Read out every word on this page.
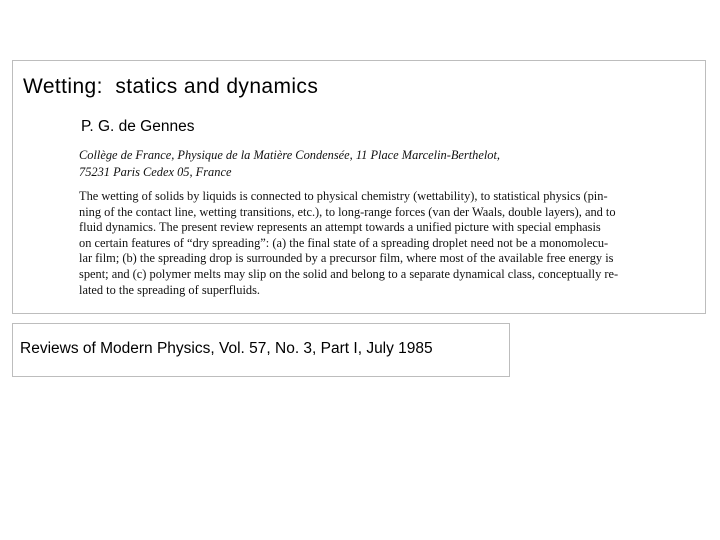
Wetting:  statics and dynamics
P. G. de Gennes
Collège de France, Physique de la Matière Condensée, 11 Place Marcelin-Berthelot,
75231 Paris Cedex 05, France
The wetting of solids by liquids is connected to physical chemistry (wettability), to statistical physics (pin-
ning of the contact line, wetting transitions, etc.), to long-range forces (van der Waals, double layers), and to
fluid dynamics. The present review represents an attempt towards a unified picture with special emphasis
on certain features of “dry spreading”: (a) the final state of a spreading droplet need not be a monomolecu-
lar film; (b) the spreading drop is surrounded by a precursor film, where most of the available free energy is
spent; and (c) polymer melts may slip on the solid and belong to a separate dynamical class, conceptually re-
lated to the spreading of superfluids.
Reviews of Modern Physics, Vol. 57, No. 3, Part I, July 1985
